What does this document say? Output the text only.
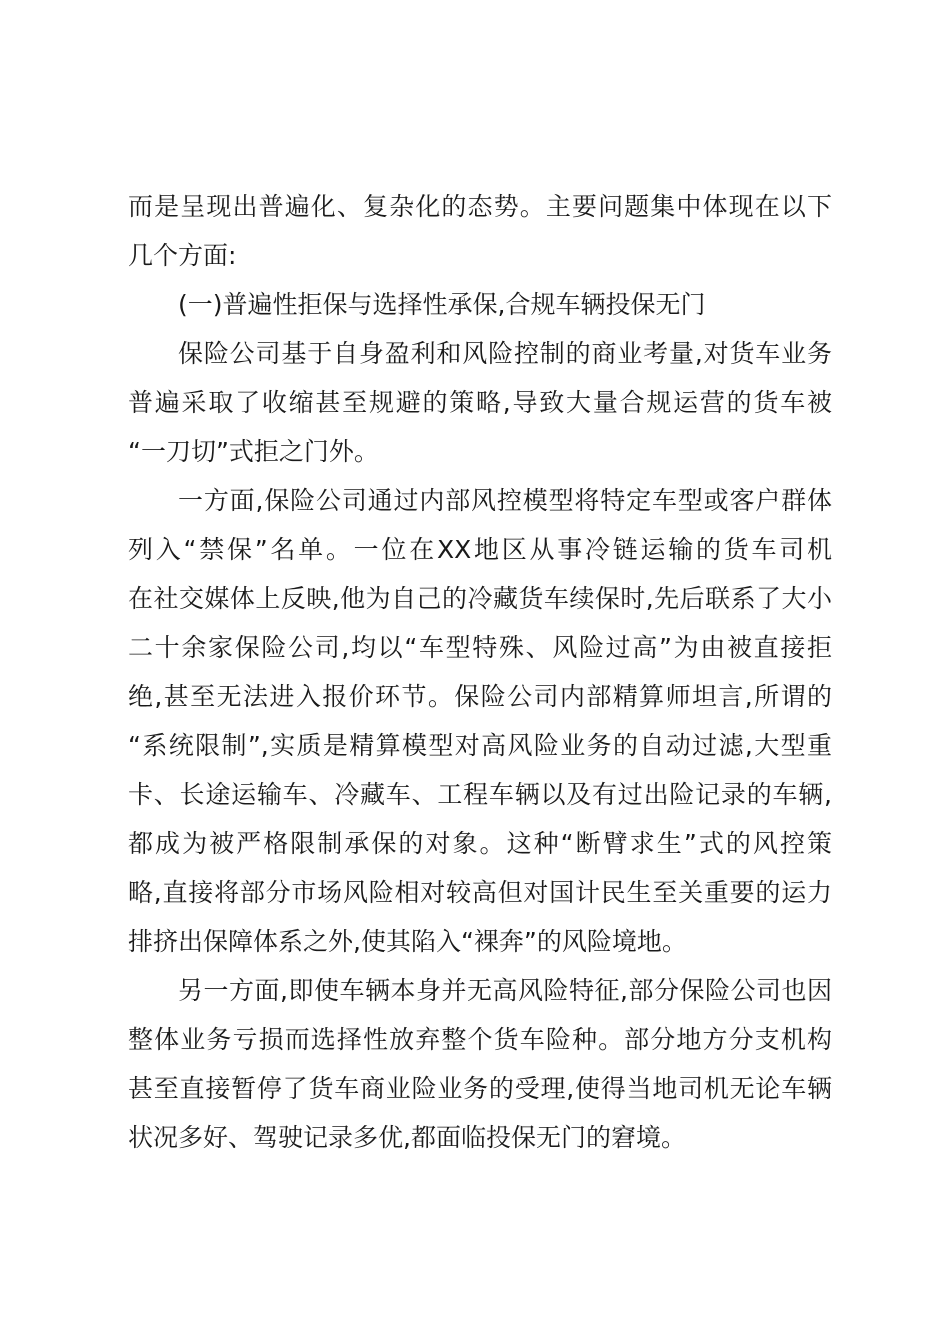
而是呈现出普遍化、复杂化的态势。主要问题集中体现在以下
几个方面:
(一)普遍性拒保与选择性承保,合规车辆投保无门
保险公司基于自身盈利和风险控制的商业考量,对货车业务
普遍采取了收缩甚至规避的策略,导致大量合规运营的货车被
“一刀切”式拒之门外。
一方面,保险公司通过内部风控模型将特定车型或客户群体
列入“禁保”名单。一位在XX地区从事冷链运输的货车司机
在社交媒体上反映,他为自己的冷藏货车续保时,先后联系了大小
二十余家保险公司,均以“车型特殊、风险过高”为由被直接拒
绝,甚至无法进入报价环节。保险公司内部精算师坦言,所谓的
“系统限制”,实质是精算模型对高风险业务的自动过滤,大型重
卡、长途运输车、冷藏车、工程车辆以及有过出险记录的车辆,
都成为被严格限制承保的对象。这种“断臂求生”式的风控策
略,直接将部分市场风险相对较高但对国计民生至关重要的运力
排挤出保障体系之外,使其陷入“裸奔”的风险境地。
另一方面,即使车辆本身并无高风险特征,部分保险公司也因
整体业务亏损而选择性放弃整个货车险种。部分地方分支机构
甚至直接暂停了货车商业险业务的受理,使得当地司机无论车辆
状况多好、驾驶记录多优,都面临投保无门的窘境。
